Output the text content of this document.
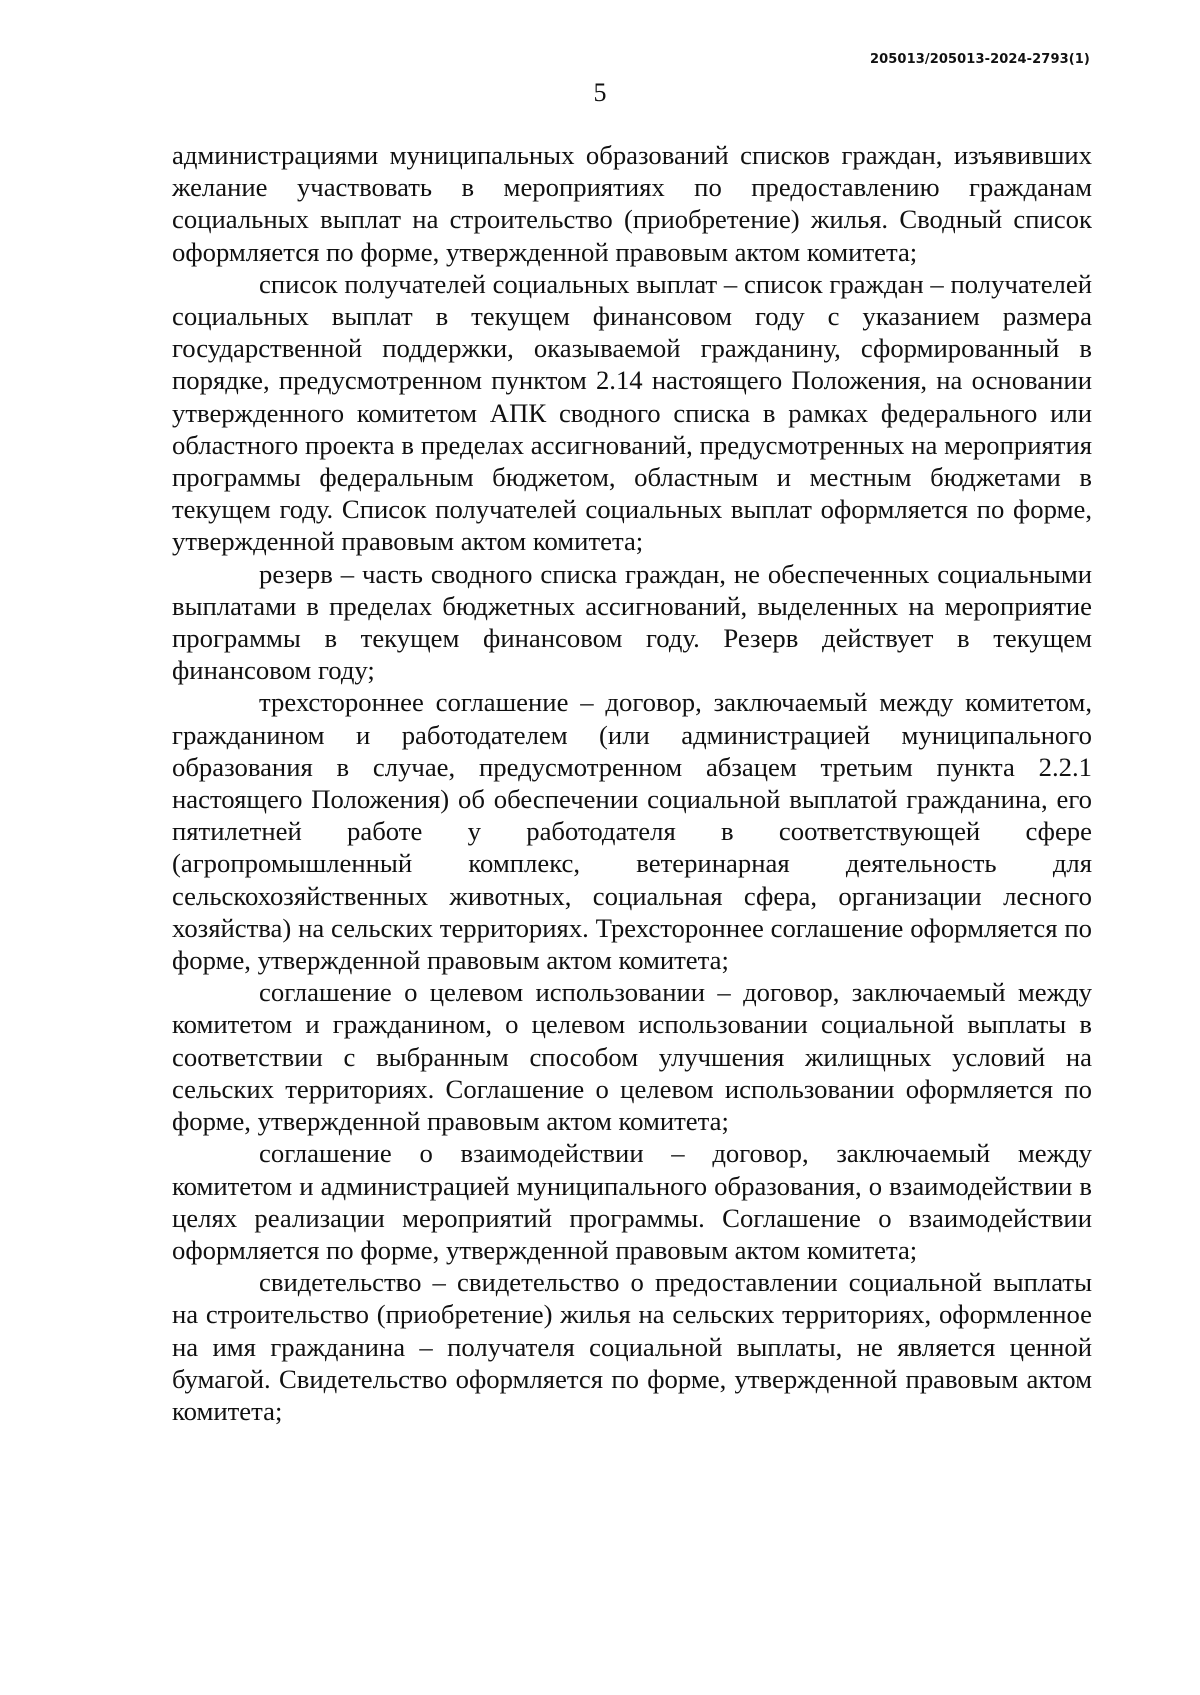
205013/205013-2024-2793(1)
5

администрациями муниципальных образований списков граждан, изъявивших желание участвовать в мероприятиях по предоставлению гражданам социальных выплат на строительство (приобретение) жилья. Сводный список оформляется по форме, утвержденной правовым актом комитета;

список получателей социальных выплат – список граждан – получателей социальных выплат в текущем финансовом году с указанием размера государственной поддержки, оказываемой гражданину, сформированный в порядке, предусмотренном пунктом 2.14 настоящего Положения, на основании утвержденного комитетом АПК сводного списка в рамках федерального или областного проекта в пределах ассигнований, предусмотренных на мероприятия программы федеральным бюджетом, областным и местным бюджетами в текущем году. Список получателей социальных выплат оформляется по форме, утвержденной правовым актом комитета;

резерв – часть сводного списка граждан, не обеспеченных социальными выплатами в пределах бюджетных ассигнований, выделенных на мероприятие программы в текущем финансовом году. Резерв действует в текущем финансовом году;

трехстороннее соглашение – договор, заключаемый между комитетом, гражданином и работодателем (или администрацией муниципального образования в случае, предусмотренном абзацем третьим пункта 2.2.1 настоящего Положения) об обеспечении социальной выплатой гражданина, его пятилетней работе у работодателя в соответствующей сфере (агропромышленный комплекс, ветеринарная деятельность для сельскохозяйственных животных, социальная сфера, организации лесного хозяйства) на сельских территориях. Трехстороннее соглашение оформляется по форме, утвержденной правовым актом комитета;

соглашение о целевом использовании – договор, заключаемый между комитетом и гражданином, о целевом использовании социальной выплаты в соответствии с выбранным способом улучшения жилищных условий на сельских территориях. Соглашение о целевом использовании оформляется по форме, утвержденной правовым актом комитета;

соглашение о взаимодействии – договор, заключаемый между комитетом и администрацией муниципального образования, о взаимодействии в целях реализации мероприятий программы. Соглашение о взаимодействии оформляется по форме, утвержденной правовым актом комитета;

свидетельство – свидетельство о предоставлении социальной выплаты на строительство (приобретение) жилья на сельских территориях, оформленное на имя гражданина – получателя социальной выплаты, не является ценной бумагой. Свидетельство оформляется по форме, утвержденной правовым актом комитета;
